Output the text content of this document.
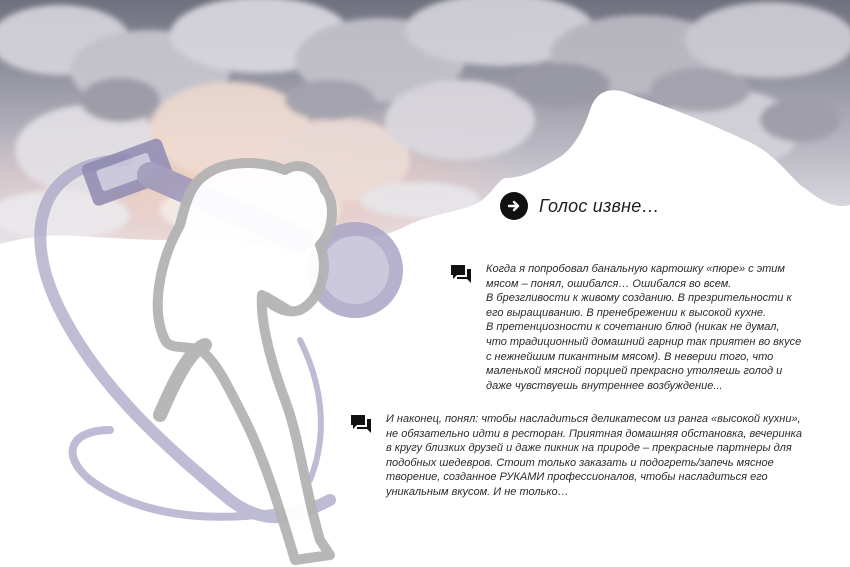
Голос извне…
Когда я попробовал банальную картошку «пюре» с этим
мясом – понял, ошибался… Ошибался во всем.
В брезгливости к живому созданию. В презрительности к
его выращиванию. В пренебрежении к высокой кухне.
В претенциозности к сочетанию блюд (никак не думал,
что традиционный домашний гарнир так приятен во вкусе
с нежнейшим пикантным мясом). В неверии того, что
маленькой мясной порцией прекрасно утоляешь голод и
даже чувствуешь внутреннее возбуждение...
И наконец, понял: чтобы насладиться деликатесом из ранга «высокой кухни»,
не обязательно идти в ресторан. Приятная домашняя обстановка, вечеринка
в кругу близких друзей и даже пикник на природе – прекрасные партнеры для
подобных шедевров. Стоит только заказать и подогреть/запечь мясное
творение, созданное РУКАМИ профессионалов, чтобы насладиться его
уникальным вкусом. И не только…
